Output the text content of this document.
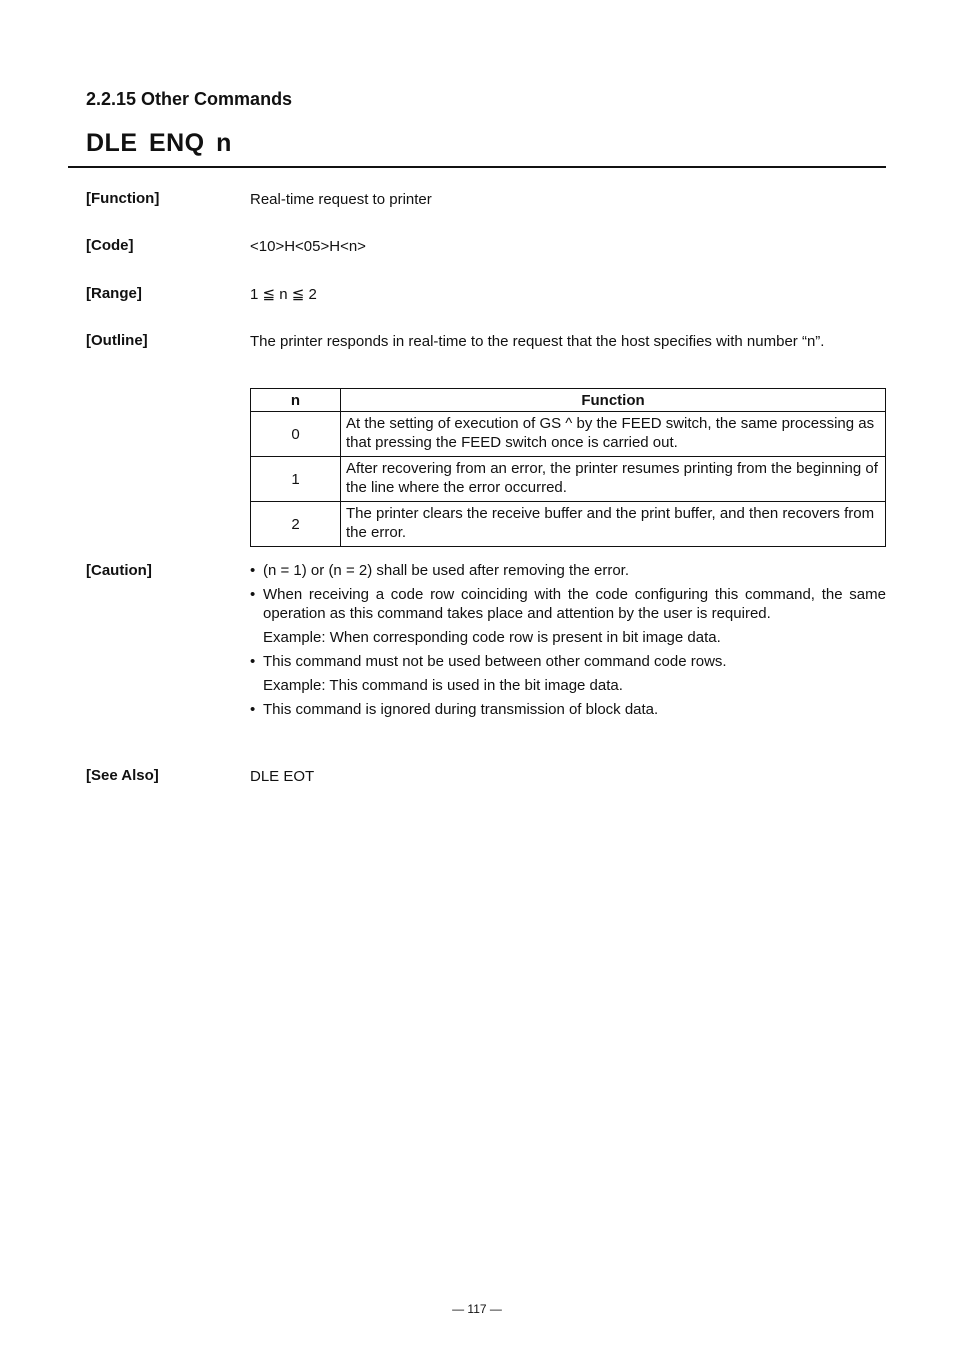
2.2.15 Other Commands
DLE ENQ n
[Function]	Real-time request to printer
[Code]	<10>H<05>H<n>
[Range]	1 ≦ n ≦ 2
[Outline]	The printer responds in real-time to the request that the host specifies with number “n”.
n	Function
0	At the setting of execution of GS ^ by the FEED switch, the same processing as that pressing the FEED switch once is carried out.
1	After recovering from an error, the printer resumes printing from the beginning of the line where the error occurred.
2	The printer clears the receive buffer and the print buffer, and then recovers from the error.
[Caution]	• (n = 1) or (n = 2) shall be used after removing the error.
• When receiving a code row coinciding with the code configuring this command, the same operation as this command takes place and attention by the user is required.
Example: When corresponding code row is present in bit image data.
• This command must not be used between other command code rows.
Example: This command is used in the bit image data.
• This command is ignored during transmission of block data.
[See Also]	DLE EOT
— 117 —
